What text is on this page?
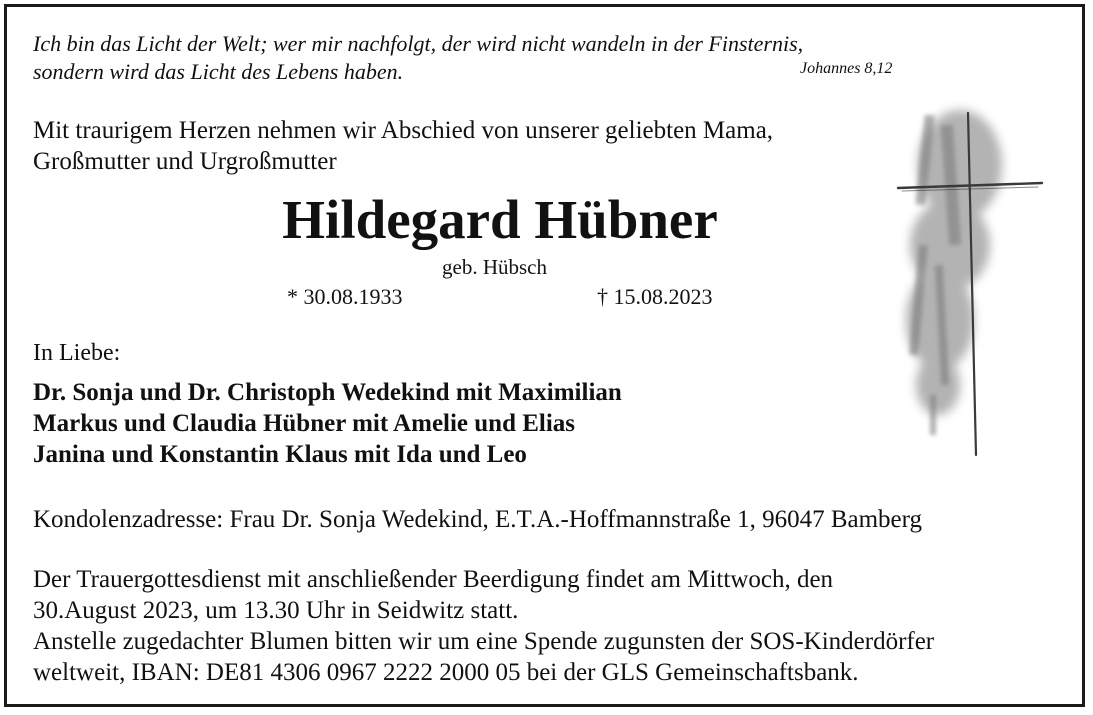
Ich bin das Licht der Welt; wer mir nachfolgt, der wird nicht wandeln in der Finsternis,
sondern wird das Licht des Lebens haben.	Johannes 8,12
Mit traurigem Herzen nehmen wir Abschied von unserer geliebten Mama,
Großmutter und Urgroßmutter
Hildegard Hübner
geb. Hübsch
* 30.08.1933	† 15.08.2023
In Liebe:
Dr. Sonja und Dr. Christoph Wedekind mit Maximilian
Markus und Claudia Hübner mit Amelie und Elias
Janina und Konstantin Klaus mit Ida und Leo
Kondolenzadresse: Frau Dr. Sonja Wedekind, E.T.A.-Hoffmannstraße 1, 96047 Bamberg
Der Trauergottesdienst mit anschließender Beerdigung findet am Mittwoch, den
30.August 2023, um 13.30 Uhr in Seidwitz statt.
Anstelle zugedachter Blumen bitten wir um eine Spende zugunsten der SOS-Kinderdörfer
weltweit, IBAN: DE81 4306 0967 2222 2000 05 bei der GLS Gemeinschaftsbank.
